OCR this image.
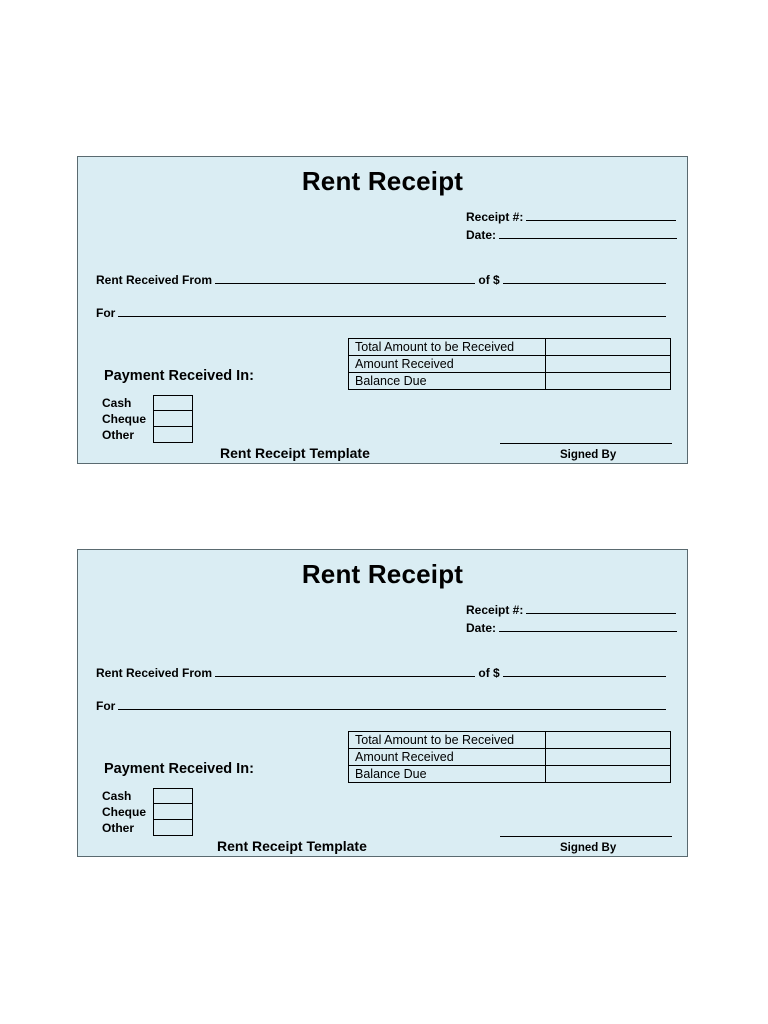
Rent Receipt
Receipt #:
Date:
Rent Received From	of $
For
Total Amount to be Received	
Amount Received	
Balance Due	
Payment Received In:
Cash
Cheque
Other
Rent Receipt Template	Signed By
Rent Receipt
Receipt #:
Date:
Rent Received From	of $
For
Total Amount to be Received	
Amount Received	
Balance Due	
Payment Received In:
Cash
Cheque
Other
Rent Receipt Template	Signed By
